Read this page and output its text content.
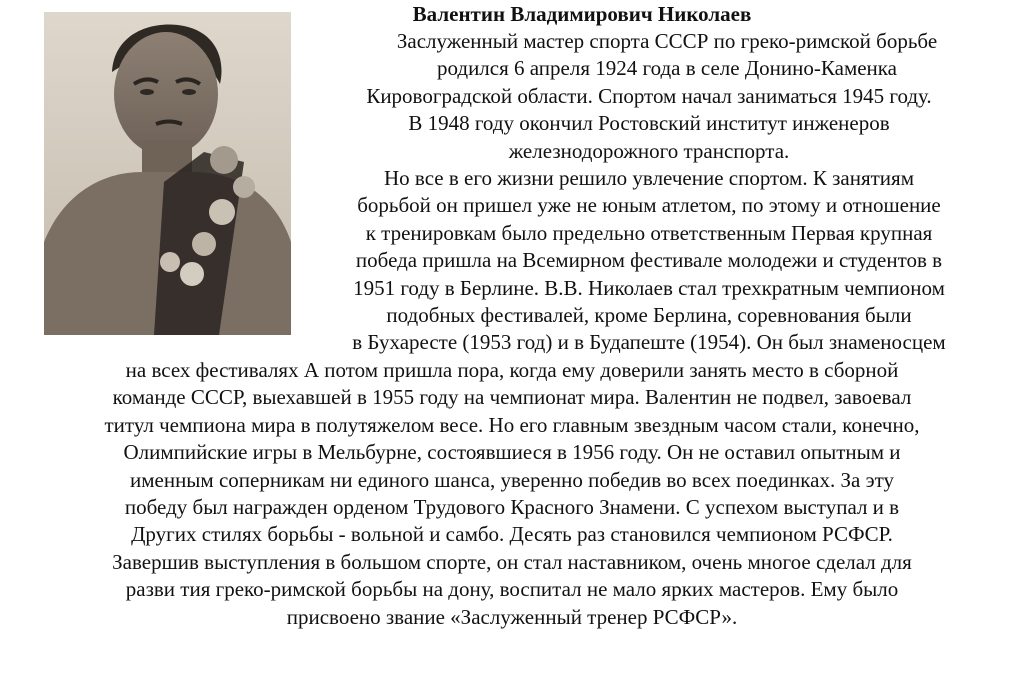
Валентин Владимирович Николаев
Заслуженный мастер спорта СССР по греко-римской борьбе
родился 6 апреля 1924 года в селе Донино-Каменка
Кировоградской области. Спортом начал заниматься 1945 году.
В 1948 году окончил Ростовский институт инженеров
железнодорожного транспорта.
Но все в его жизни решило увлечение спортом. К занятиям
борьбой он пришел уже не юным атлетом, по этому и отношение
к тренировкам было предельно ответственным Первая крупная
победа пришла на Всемирном фестивале молодежи и студентов в
1951 году в Берлине. В.В. Николаев стал трехкратным чемпионом
подобных фестивалей, кроме Берлина, соревнования были
в Бухаресте (1953 год) и в Будапеште (1954). Он был знаменосцем
на всех фестивалях А потом пришла пора, когда ему доверили занять место в сборной
команде СССР, выехавшей в 1955 году на чемпионат мира. Валентин не подвел, завоевал
титул чемпиона мира в полутяжелом весе. Но его главным звездным часом стали, конечно,
Олимпийские игры в Мельбурне, состоявшиеся в 1956 году. Он не оставил опытным и
именным соперникам ни единого шанса, уверенно победив во всех поединках. За эту
победу был награжден орденом Трудового Красного Знамени. С успехом выступал и в
Других стилях борьбы - вольной и самбо. Десять раз становился чемпионом РСФСР.
Завершив выступления в большом спорте, он стал наставником, очень многое сделал для
разви тия греко-римской борьбы на дону, воспитал не мало ярких мастеров. Ему было
присвоено звание «Заслуженный тренер РСФСР».
